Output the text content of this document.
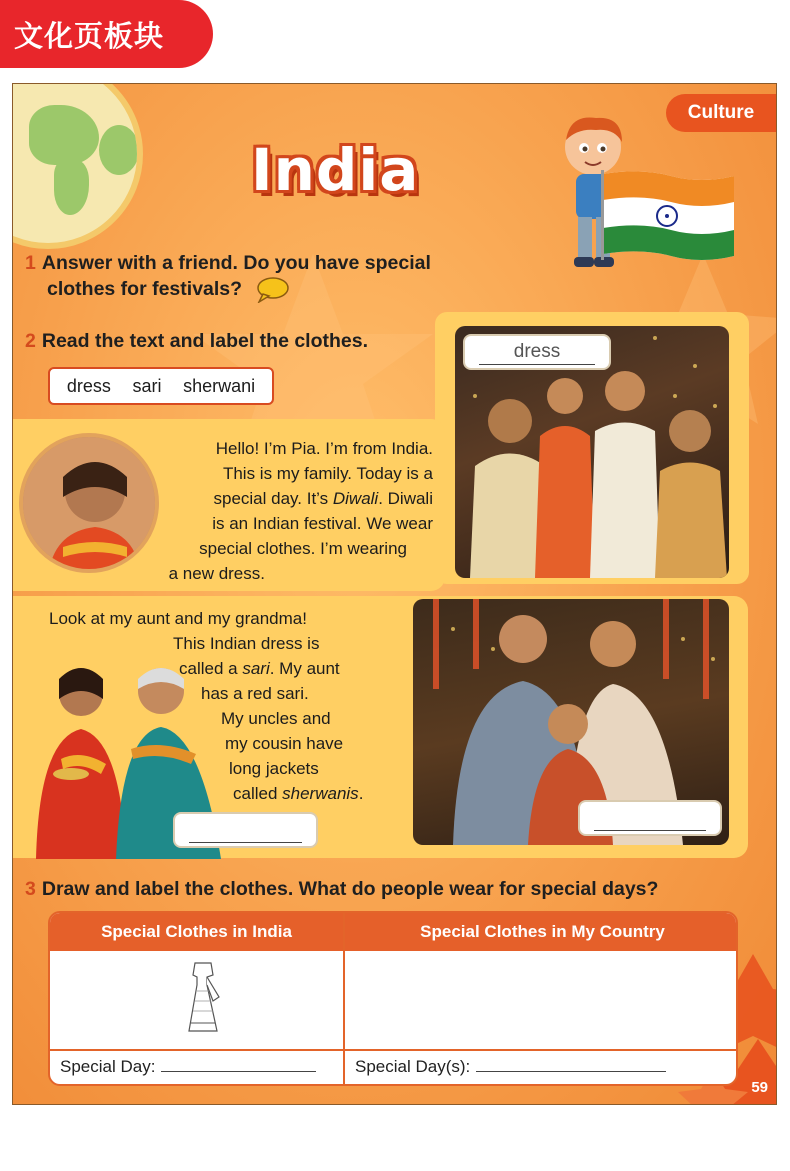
文化页板块
Culture
India
1 Answer with a friend. Do you have special
clothes for festivals?
2 Read the text and label the clothes.
dress sari sherwani
dress
Hello! I’m Pia. I’m from India.
This is my family. Today is a
special day. It’s Diwali. Diwali
is an Indian festival. We wear
special clothes. I’m wearing
a new dress.
Look at my aunt and my grandma!
This Indian dress is
called a sari. My aunt
has a red sari.
My uncles and
my cousin have
long jackets
called sherwanis.
3 Draw and label the clothes. What do people wear for special days?
Special Clothes in India	Special Clothes in My Country
Special Day:	Special Day(s):
59
